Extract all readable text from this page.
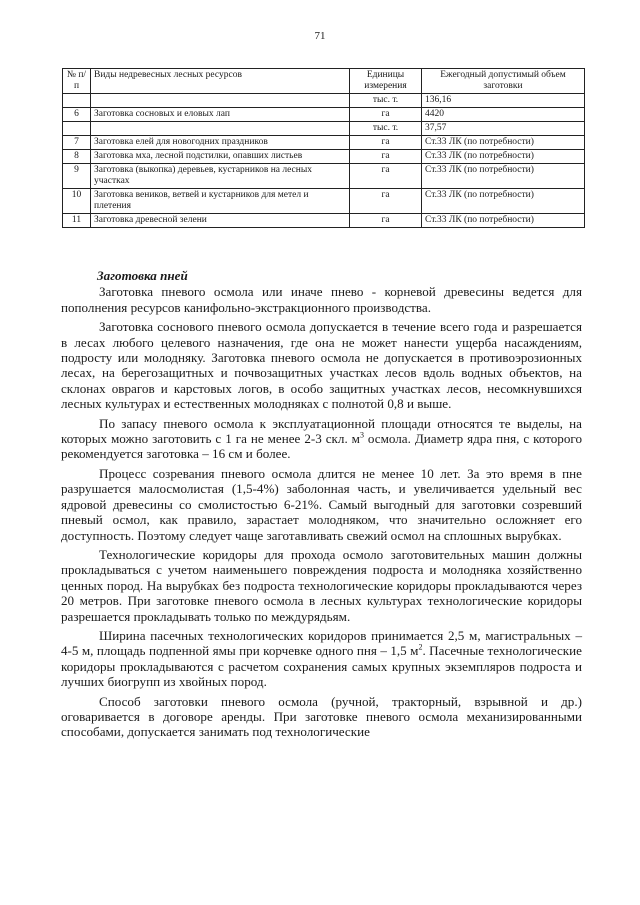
71
№ п/п	Виды недревесных лесных ресурсов	Единицы измерения	Ежегодный допустимый объем заготовки
		тыс. т.	136,16
6	Заготовка сосновых и еловых лап	га	4420
		тыс. т.	37,57
7	Заготовка елей для новогодних праздников	га	Ст.33 ЛК (по потребности)
8	Заготовка мха, лесной подстилки, опавших листьев	га	Ст.33 ЛК (по потребности)
9	Заготовка (выкопка) деревьев, кустарников на лесных участках	га	Ст.33 ЛК (по потребности)
10	Заготовка веников, ветвей и кустарников для метел и плетения	га	Ст.33 ЛК (по потребности)
11	Заготовка древесной зелени	га	Ст.33 ЛК (по потребности)
Заготовка пней

Заготовка пневого осмола или иначе пнево - корневой древесины ведется для пополнения ресурсов канифольно-экстракционного производства.

Заготовка соснового пневого осмола допускается в течение всего года и разрешается в лесах любого целевого назначения, где она не может нанести ущерба насаждениям, подросту или молодняку. Заготовка пневого осмола не допускается в противоэрозионных лесах, на берегозащитных и почвозащитных участках лесов вдоль водных объектов, на склонах оврагов и карстовых логов, в особо защитных участках лесов, несомкнувшихся лесных культурах и естественных молодняках с полнотой 0,8 и выше.

По запасу пневого осмола к эксплуатационной площади относятся те выделы, на которых можно заготовить с 1 га не менее 2-3 скл. $м^3$ осмола. Диаметр ядра пня, с которого рекомендуется заготовка – 16 см и более.

Процесс созревания пневого осмола длится не менее 10 лет. За это время в пне разрушается малосмолистая (1,5-4%) заболонная часть, и увеличивается удельный вес ядровой древесины со смолистостью 6-21%. Самый выгодный для заготовки созревший пневый осмол, как правило, зарастает молодняком, что значительно осложняет его доступность. Поэтому следует чаще заготавливать свежий осмол на сплошных вырубках.

Технологические коридоры для прохода осмоло заготовительных машин должны прокладываться с учетом наименьшего повреждения подроста и молодняка хозяйственно ценных пород. На вырубках без подроста технологические коридоры прокладываются через 20 метров. При заготовке пневого осмола в лесных культурах технологические коридоры разрешается прокладывать только по междурядьям.

Ширина пасечных технологических коридоров принимается 2,5 м, магистральных – 4-5 м, площадь подпенной ямы при корчевке одного пня – 1,5 $м^2$. Пасечные технологические коридоры прокладываются с расчетом сохранения самых крупных экземпляров подроста и лучших биогрупп из хвойных пород.

Способ заготовки пневого осмола (ручной, тракторный, взрывной и др.) оговаривается в договоре аренды. При заготовке пневого осмола механизированными способами, допускается занимать под технологические
